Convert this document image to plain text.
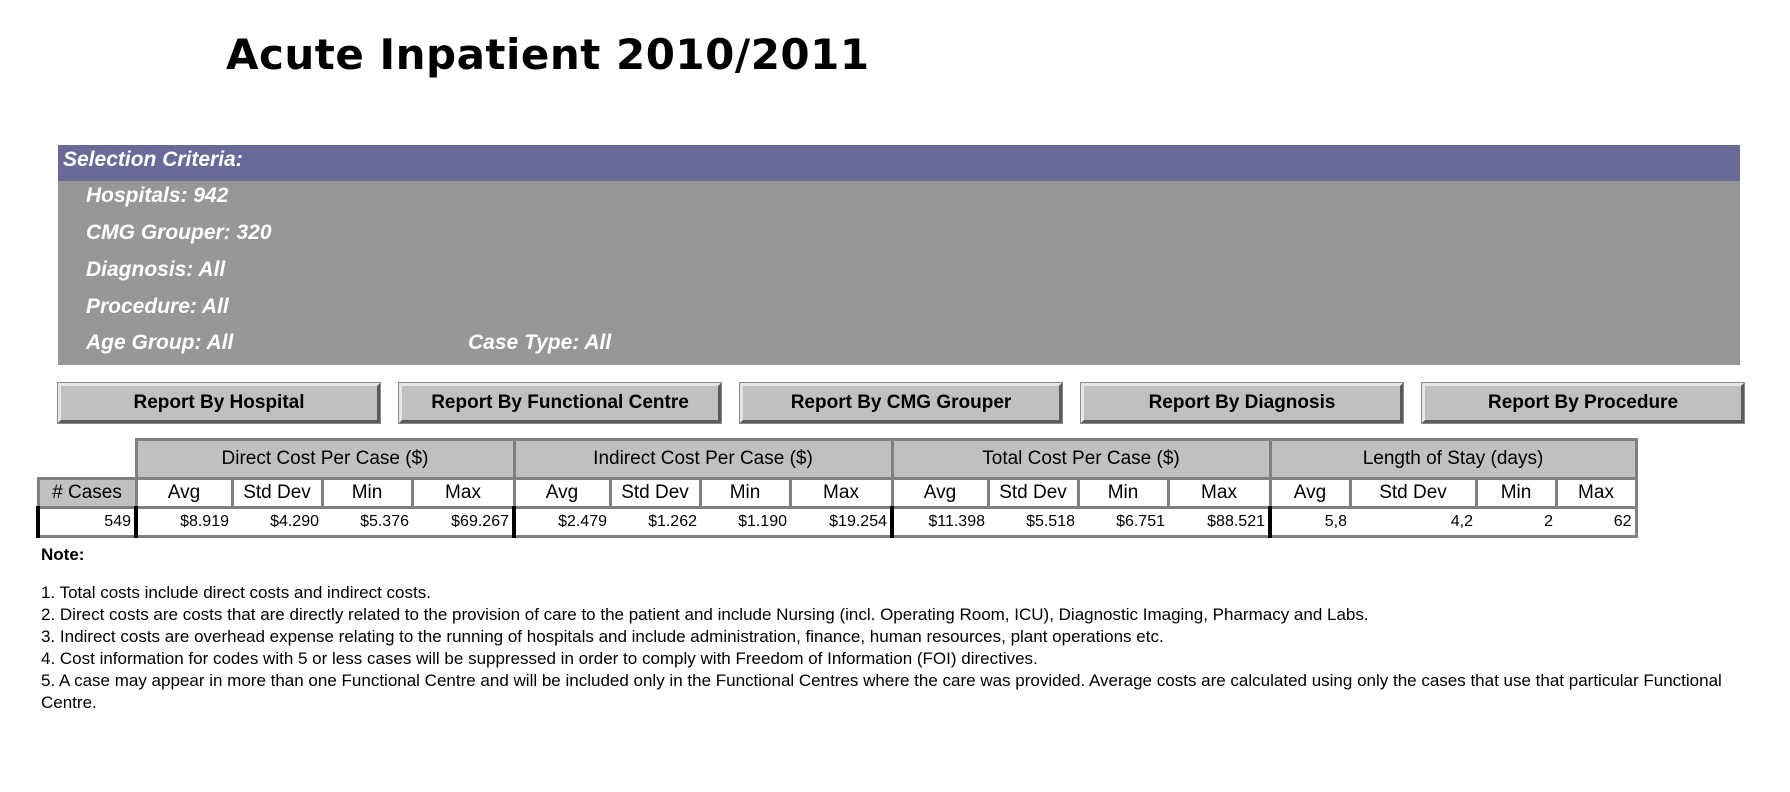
Acute Inpatient 2010/2011
Selection Criteria:
Hospitals: 942
CMG Grouper: 320
Diagnosis: All
Procedure: All
Age Group: All	Case Type: All
Report By Hospital	Report By Functional Centre	Report By CMG Grouper	Report By Diagnosis	Report By Procedure
	Direct Cost Per Case ($)				Indirect Cost Per Case ($)				Total Cost Per Case ($)				Length of Stay (days)			
# Cases	Avg	Std Dev	Min	Max	Avg	Std Dev	Min	Max	Avg	Std Dev	Min	Max	Avg	Std Dev	Min	Max
549	$8.919	$4.290	$5.376	$69.267	$2.479	$1.262	$1.190	$19.254	$11.398	$5.518	$6.751	$88.521	5,8	4,2	2	62
Note:
1. Total costs include direct costs and indirect costs.
2. Direct costs are costs that are directly related to the provision of care to the patient and include Nursing (incl. Operating Room, ICU), Diagnostic Imaging, Pharmacy and Labs.
3. Indirect costs are overhead expense relating to the running of hospitals and include administration, finance, human resources, plant operations etc.
4. Cost information for codes with 5 or less cases will be suppressed in order to comply with Freedom of Information (FOI) directives.
5. A case may appear in more than one Functional Centre and will be included only in the Functional Centres where the care was provided. Average costs are calculated using only the cases that use that particular Functional Centre.
